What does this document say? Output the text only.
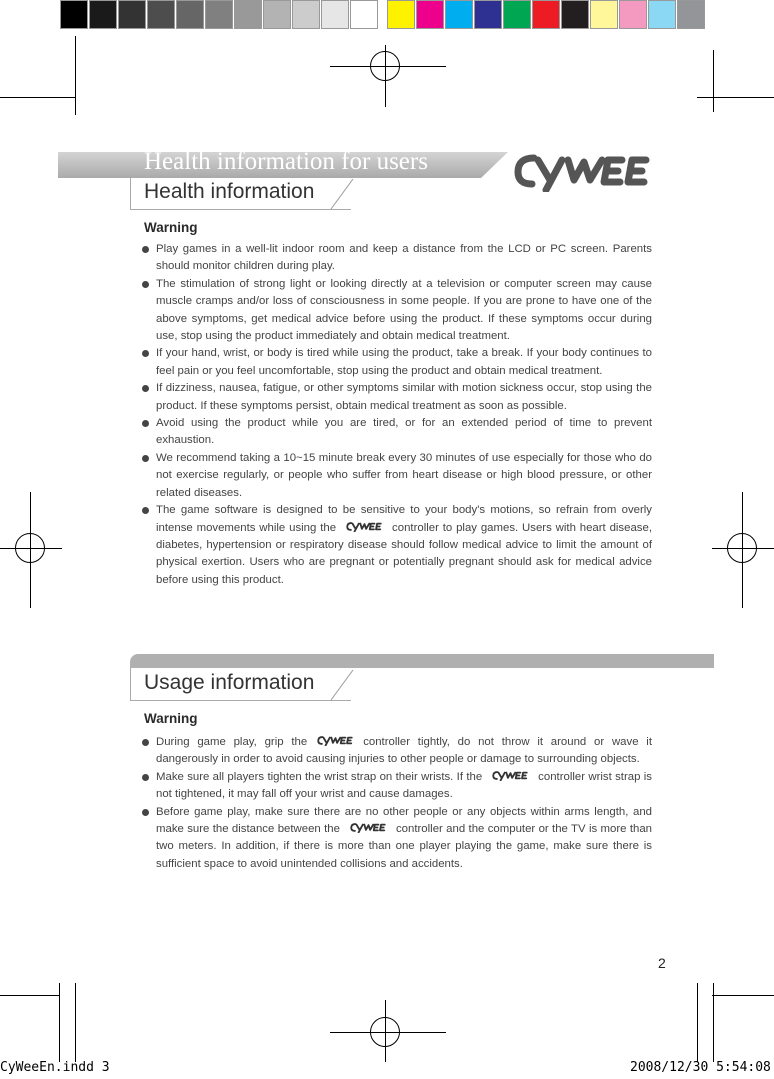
Health information for users
Health information
Warning
Play games in a well-lit indoor room and keep a distance from the LCD or PC screen. Parents should monitor children during play.
The stimulation of strong light or looking directly at a television or computer screen may cause muscle cramps and/or loss of consciousness in some people. If you are prone to have one of the above symptoms, get medical advice before using the product. If these symptoms occur during use, stop using the product immediately and obtain medical treatment.
If your hand, wrist, or body is tired while using the product, take a break. If your body continues to feel pain or you feel uncomfortable, stop using the product and obtain medical treatment.
If dizziness, nausea, fatigue, or other symptoms similar with motion sickness occur, stop using the product. If these symptoms persist, obtain medical treatment as soon as possible.
Avoid using the product while you are tired, or for an extended period of time to prevent exhaustion.
We recommend taking a 10~15 minute break every 30 minutes of use especially for those who do not exercise regularly, or people who suffer from heart disease or high blood pressure, or other related diseases.
The game software is designed to be sensitive to your body's motions, so refrain from overly intense movements while using the	controller to play games. Users with heart disease, diabetes, hypertension or respiratory disease should follow medical advice to limit the amount of physical exertion. Users who are pregnant or potentially pregnant should ask for medical advice before using this product.
Usage information
Warning
During game play, grip the	controller tightly, do not throw it around or wave it dangerously in order to avoid causing injuries to other people or damage to surrounding objects.
Make sure all players tighten the wrist strap on their wrists. If the	controller wrist strap is not tightened, it may fall off your wrist and cause damages.
Before game play, make sure there are no other people or any objects within arms length, and make sure the distance between the	controller and the computer or the TV is more than two meters. In addition, if there is more than one player playing the game, make sure there is sufficient space to avoid unintended collisions and accidents.
2
CyWeeEn.indd 3	2008/12/30 5:54:08
